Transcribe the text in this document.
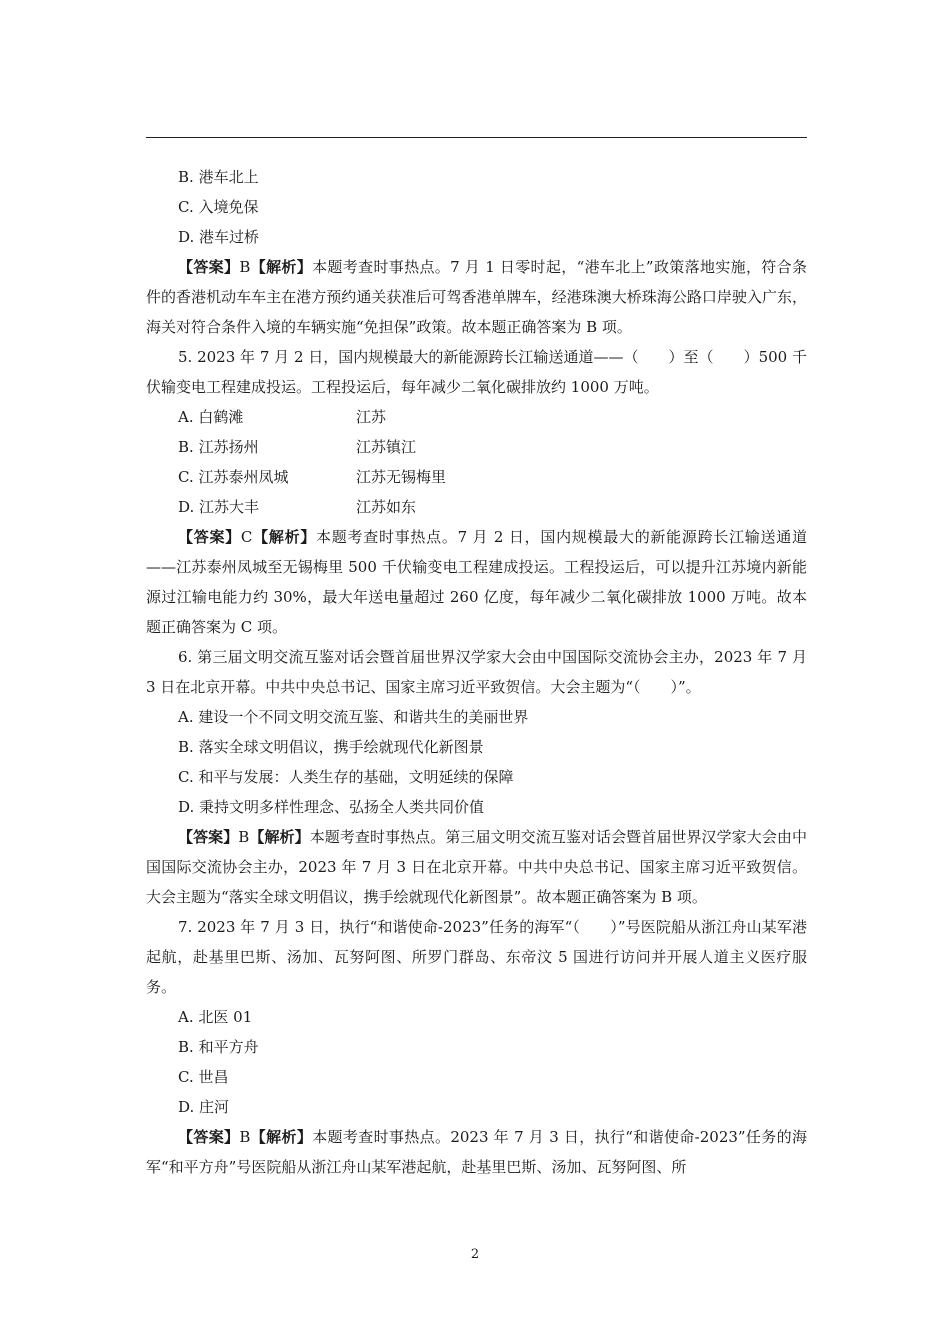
B. 港车北上

C. 入境免保

D. 港车过桥

【答案】B【解析】本题考查时事热点。7 月 1 日零时起，“港车北上”政策落地实施，符合条件的香港机动车车主在港方预约通关获准后可驾香港单牌车，经港珠澳大桥珠海公路口岸驶入广东，海关对符合条件入境的车辆实施“免担保”政策。故本题正确答案为 B 项。

5. 2023 年 7 月 2 日，国内规模最大的新能源跨长江输送通道——（　　）至（　　）500 千伏输变电工程建成投运。工程投运后，每年减少二氧化碳排放约 1000 万吨。

A. 白鹤滩	江苏

B. 江苏扬州	江苏镇江

C. 江苏泰州凤城	江苏无锡梅里

D. 江苏大丰	江苏如东

【答案】C【解析】本题考查时事热点。7 月 2 日，国内规模最大的新能源跨长江输送通道——江苏泰州凤城至无锡梅里 500 千伏输变电工程建成投运。工程投运后，可以提升江苏境内新能源过江输电能力约 30%，最大年送电量超过 260 亿度，每年减少二氧化碳排放 1000 万吨。故本题正确答案为 C 项。

6. 第三届文明交流互鉴对话会暨首届世界汉学家大会由中国国际交流协会主办，2023 年 7 月 3 日在北京开幕。中共中央总书记、国家主席习近平致贺信。大会主题为“（　　）”。

A. 建设一个不同文明交流互鉴、和谐共生的美丽世界

B. 落实全球文明倡议，携手绘就现代化新图景

C. 和平与发展：人类生存的基础，文明延续的保障

D. 秉持文明多样性理念、弘扬全人类共同价值

【答案】B【解析】本题考查时事热点。第三届文明交流互鉴对话会暨首届世界汉学家大会由中国国际交流协会主办，2023 年 7 月 3 日在北京开幕。中共中央总书记、国家主席习近平致贺信。大会主题为“落实全球文明倡议，携手绘就现代化新图景”。故本题正确答案为 B 项。

7. 2023 年 7 月 3 日，执行“和谐使命-2023”任务的海军“（　　）”号医院船从浙江舟山某军港起航，赴基里巴斯、汤加、瓦努阿图、所罗门群岛、东帝汶 5 国进行访问并开展人道主义医疗服务。

A. 北医 01

B. 和平方舟

C. 世昌

D. 庄河

【答案】B【解析】本题考查时事热点。2023 年 7 月 3 日，执行“和谐使命-2023”任务的海军“和平方舟”号医院船从浙江舟山某军港起航，赴基里巴斯、汤加、瓦努阿图、所

2
